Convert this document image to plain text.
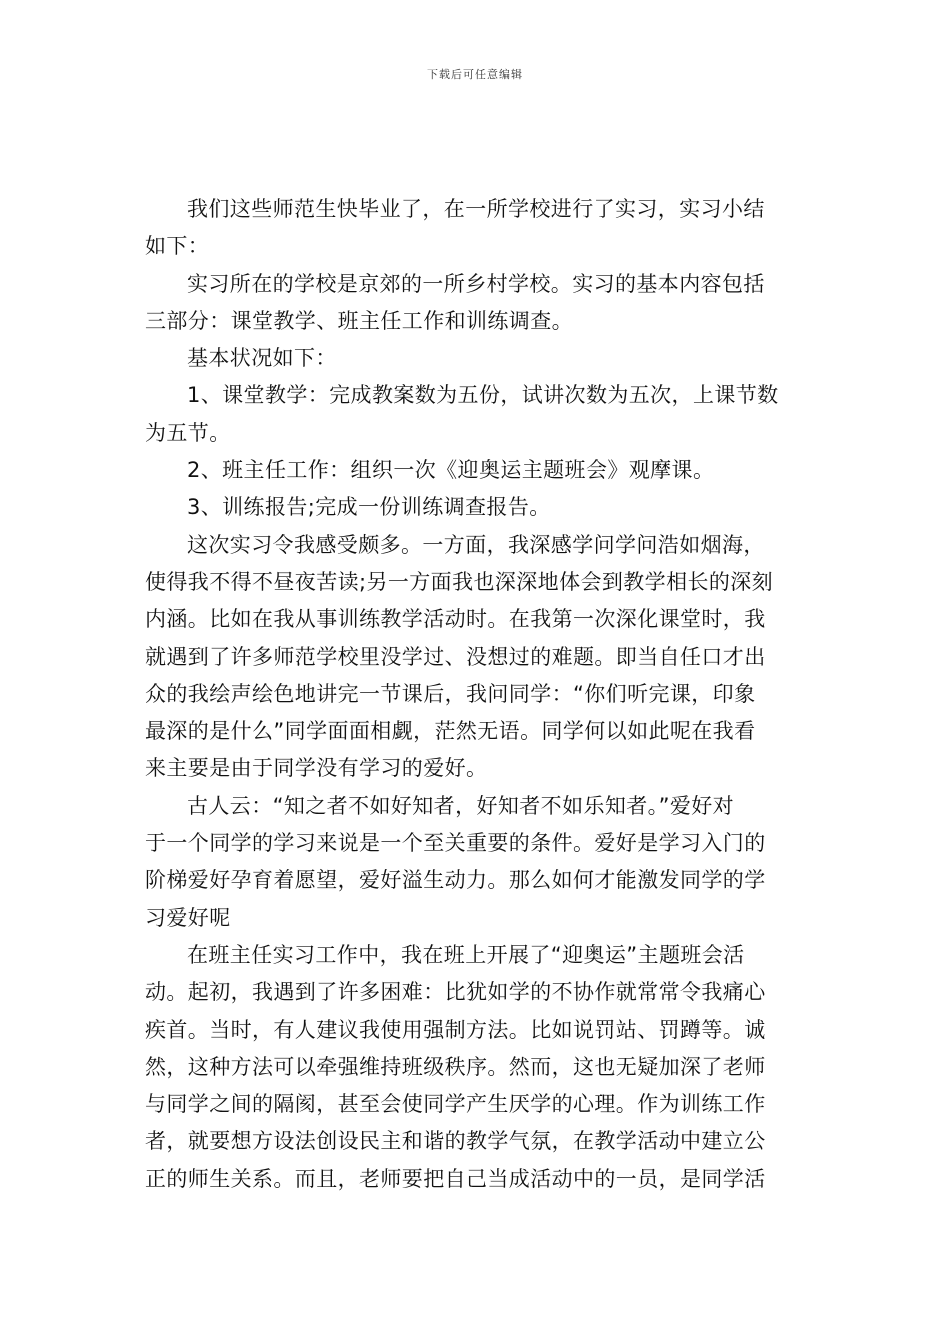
下载后可任意编辑

我们这些师范生快毕业了，在一所学校进行了实习，实习小结
如下：

实习所在的学校是京郊的一所乡村学校。实习的基本内容包括
三部分：课堂教学、班主任工作和训练调查。

基本状况如下：

1、课堂教学：完成教案数为五份，试讲次数为五次，上课节数
为五节。

2、班主任工作：组织一次《迎奥运主题班会》观摩课。

3、训练报告;完成一份训练调查报告。

这次实习令我感受颇多。一方面，我深感学问学问浩如烟海，
使得我不得不昼夜苦读;另一方面我也深深地体会到教学相长的深刻
内涵。比如在我从事训练教学活动时。在我第一次深化课堂时，我
就遇到了许多师范学校里没学过、没想过的难题。即当自任口才出
众的我绘声绘色地讲完一节课后，我问同学：“你们听完课，印象
最深的是什么”同学面面相觑，茫然无语。同学何以如此呢在我看
来主要是由于同学没有学习的爱好。

古人云：“知之者不如好知者，好知者不如乐知者。”爱好对
于一个同学的学习来说是一个至关重要的条件。爱好是学习入门的
阶梯爱好孕育着愿望，爱好溢生动力。那么如何才能激发同学的学
习爱好呢

在班主任实习工作中，我在班上开展了“迎奥运”主题班会活
动。起初，我遇到了许多困难：比犹如学的不协作就常常令我痛心
疾首。当时，有人建议我使用强制方法。比如说罚站、罚蹲等。诚
然，这种方法可以牵强维持班级秩序。然而，这也无疑加深了老师
与同学之间的隔阂，甚至会使同学产生厌学的心理。作为训练工作
者，就要想方设法创设民主和谐的教学气氛，在教学活动中建立公
正的师生关系。而且，老师要把自己当成活动中的一员，是同学活
